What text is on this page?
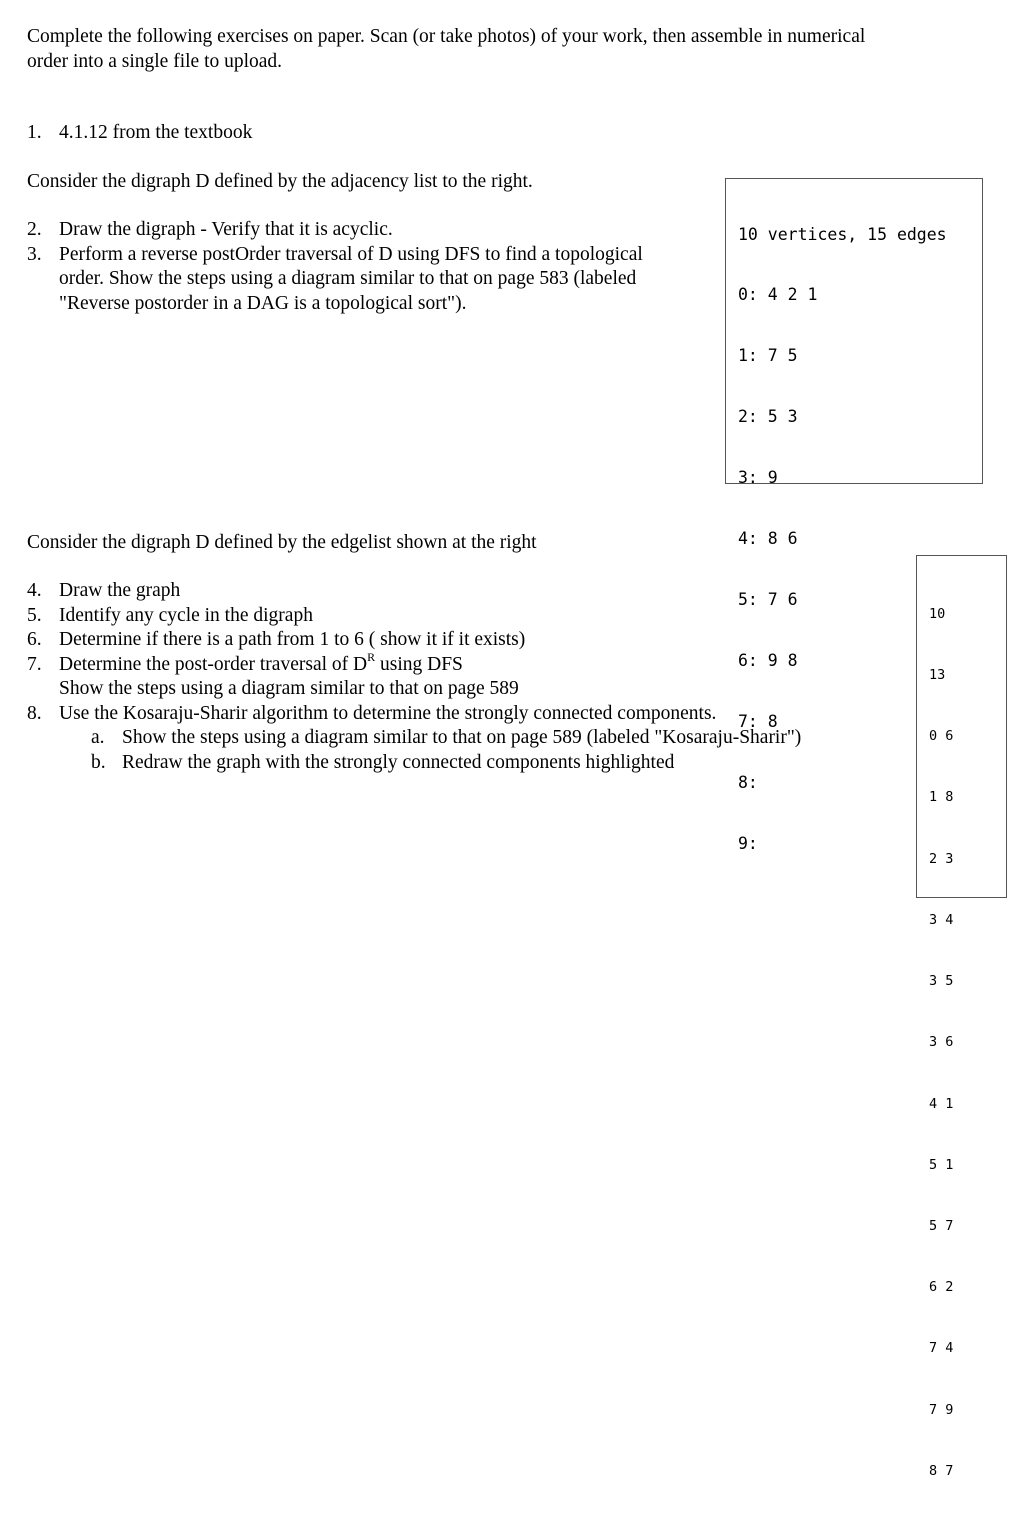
Complete the following exercises on paper. Scan (or take photos) of your work, then assemble in numerical
order into a single file to upload.
1. 4.1.12 from the textbook
Consider the digraph D defined by the adjacency list to the right.
2. Draw the digraph - Verify that it is acyclic.
3. Perform a reverse postOrder traversal of D using DFS to find a topological
order. Show the steps using a diagram similar to that on page 583 (labeled
"Reverse postorder in a DAG is a topological sort").

10 vertices, 15 edges

0: 4 2 1

1: 7 5

2: 5 3

3: 9

4: 8 6

5: 7 6

6: 9 8

7: 8

8:

9:

Consider the digraph D defined by the edgelist shown at the right
4. Draw the graph
5. Identify any cycle in the digraph
6. Determine if there is a path from 1 to 6 ( show it if it exists)
7. Determine the post-order traversal of $D^R$ using DFS
Show the steps using a diagram similar to that on page 589
8. Use the Kosaraju-Sharir algorithm to determine the strongly connected components.
a. Show the steps using a diagram similar to that on page 589 (labeled "Kosaraju-Sharir")
b. Redraw the graph with the strongly connected components highlighted

10

13

0 6

1 8

2 3

3 4

3 5

3 6

4 1

5 1

5 7

6 2

7 4

7 9

8 7
